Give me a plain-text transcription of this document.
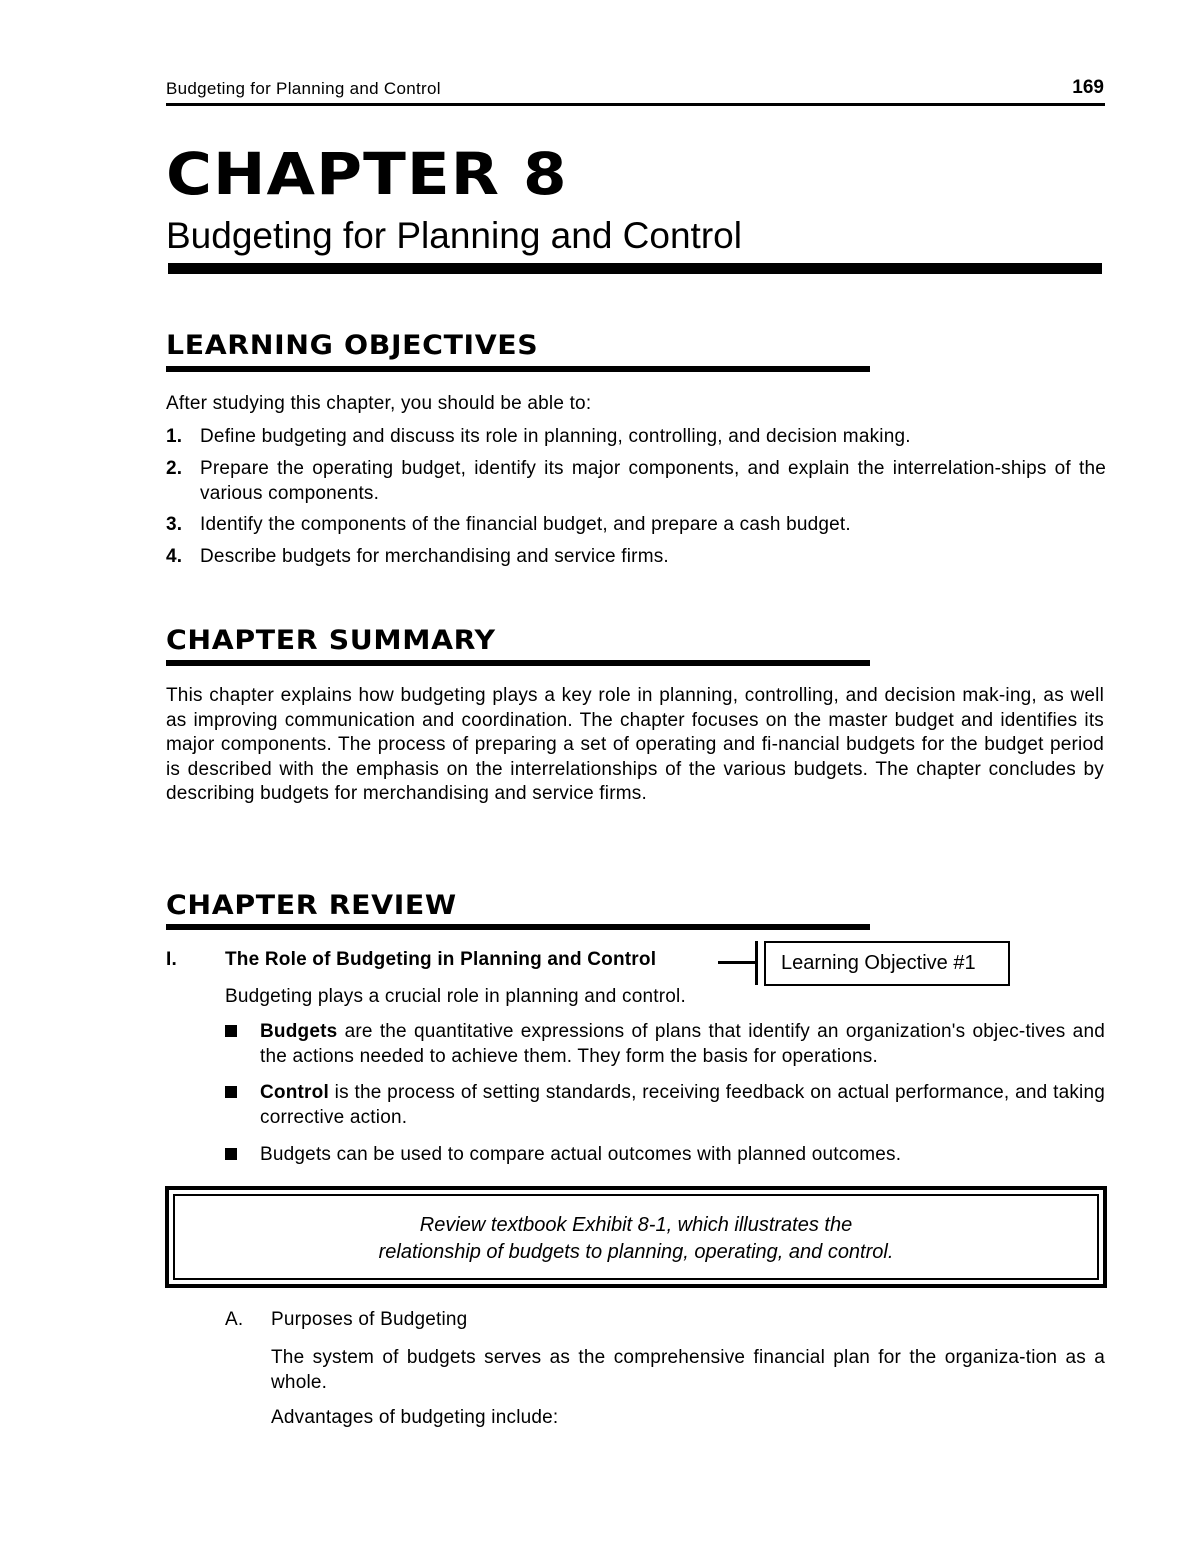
Budgeting for Planning and Control	169
CHAPTER 8
Budgeting for Planning and Control
LEARNING OBJECTIVES
After studying this chapter, you should be able to:
1. Define budgeting and discuss its role in planning, controlling, and decision making.
2. Prepare the operating budget, identify its major components, and explain the interrelation-ships of the various components.
3. Identify the components of the financial budget, and prepare a cash budget.
4. Describe budgets for merchandising and service firms.
CHAPTER SUMMARY
This chapter explains how budgeting plays a key role in planning, controlling, and decision mak-ing, as well as improving communication and coordination. The chapter focuses on the master budget and identifies its major components. The process of preparing a set of operating and fi-nancial budgets for the budget period is described with the emphasis on the interrelationships of the various budgets. The chapter concludes by describing budgets for merchandising and service firms.
CHAPTER REVIEW
I.	The Role of Budgeting in Planning and Control	Learning Objective #1
Budgeting plays a crucial role in planning and control.
Budgets are the quantitative expressions of plans that identify an organization's objec-tives and the actions needed to achieve them. They form the basis for operations.
Control is the process of setting standards, receiving feedback on actual performance, and taking corrective action.
Budgets can be used to compare actual outcomes with planned outcomes.
Review textbook Exhibit 8-1, which illustrates the
relationship of budgets to planning, operating, and control.
A. Purposes of Budgeting
The system of budgets serves as the comprehensive financial plan for the organiza-tion as a whole.
Advantages of budgeting include:
